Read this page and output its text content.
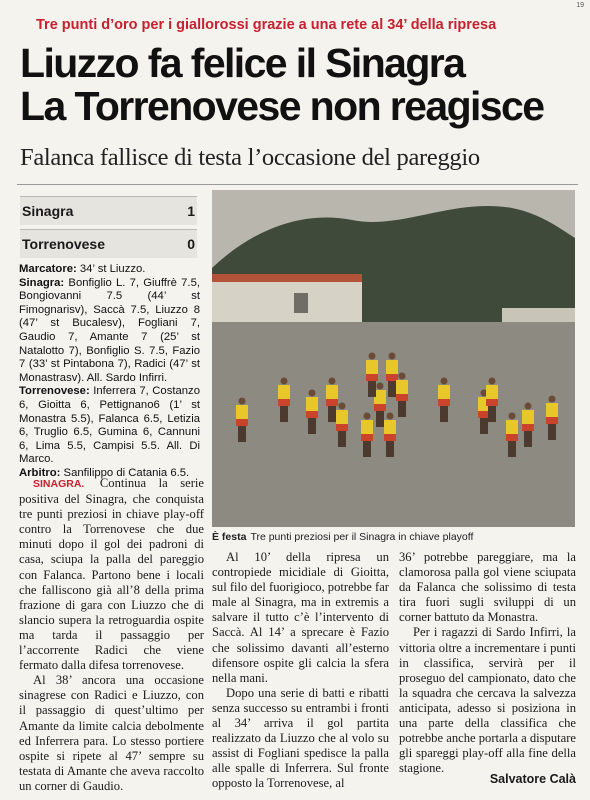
19
Tre punti d’oro per i giallorossi grazie a una rete al 34’ della ripresa
Liuzzo fa felice il Sinagra
La Torrenovese non reagisce
Falanca fallisce di testa l’occasione del pareggio
Sinagra	1
Torrenovese	0

Marcatore: 34’ st Liuzzo.

Sinagra: Bonfiglio L. 7, Giuffrè 7.5, Bongiovanni 7.5 (44’ st Fimognarisv), Saccà 7.5, Liuzzo 8 (47’ st Bucalesv), Fogliani 7, Gaudio 7, Amante 7 (25’ st Natalotto 7), Bonfiglio S. 7.5, Fazio 7 (33’ st Pintabona 7), Radici (47’ st Monastrasv). All. Sardo Infirri.

Torrenovese: Inferrera 7, Costanzo 6, Gioitta 6, Pettignano6 (1’ st Monastra 5.5), Falanca 6.5, Letizia 6, Truglio 6.5, Gumina 6, Cannuni 6, Lima 5.5, Campisi 5.5. All. Di Marco.

Arbitro: Sanfilippo di Catania 6.5.

È festa Tre punti preziosi per il Sinagra in chiave playoff

SINAGRA. Continua la serie positiva del Sinagra, che conquista tre punti preziosi in chiave play-off contro la Torrenovese che due minuti dopo il gol dei padroni di casa, sciupa la palla del pareggio con Falanca. Partono bene i locali che falliscono già all’8 della prima frazione di gara con Liuzzo che di slancio supera la retroguardia ospite ma tarda il passaggio per l’accorrente Radici che viene fermato dalla difesa torrenovese.

Al 38’ ancora una occasione sinagrese con Radici e Liuzzo, con il passaggio di quest’ultimo per Amante da limite calcia debolmente ed Inferrera para. Lo stesso portiere ospite si ripete al 47’ sempre su testata di Amante che aveva raccolto un corner di Gaudio.

Al 10’ della ripresa un contropiede micidiale di Gioitta, sul filo del fuorigioco, potrebbe far male al Sinagra, ma in extremis a salvare il tutto c’è l’intervento di Saccà. Al 14’ a sprecare è Fazio che solissimo davanti all’esterno difensore ospite gli calcia la sfera nella mani.

Dopo una serie di batti e ribatti senza successo su entrambi i fronti al 34’ arriva il gol partita realizzato da Liuzzo che al volo su assist di Fogliani spedisce la palla alle spalle di Inferrera. Sul fronte opposto la Torrenovese, al

36’ potrebbe pareggiare, ma la clamorosa palla gol viene sciupata da Falanca che solissimo di testa tira fuori sugli sviluppi di un corner battuto da Monastra.

Per i ragazzi di Sardo Infirri, la vittoria oltre a incrementare i punti in classifica, servirà per il proseguo del campionato, dato che la squadra che cercava la salvezza anticipata, adesso si posiziona in una parte della classifica che potrebbe anche portarla a disputare gli spareggi play-off alla fine della stagione.

Salvatore Calà
